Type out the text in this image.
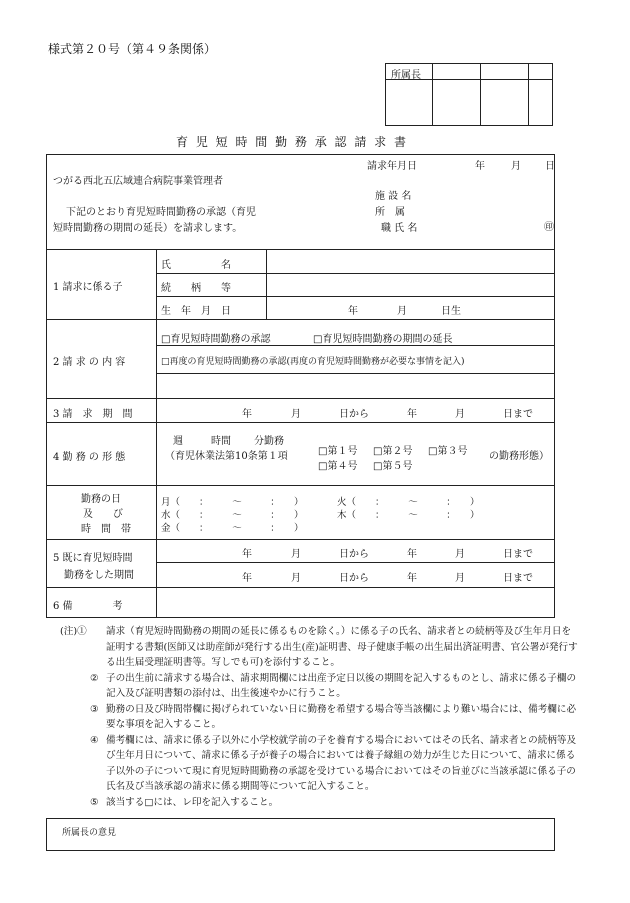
様式第２０号（第４９条関係）
所属長
育 児 短 時 間 勤 務 承 認 請 求 書
請求年月日	年	月 日
つがる西北五広域連合病院事業管理者
施 設 名
所　属
職 氏 名	㊞
下記のとおり育児短時間勤務の承認（育児
短時間勤務の期間の延長）を請求します。
1 請求に係る子
氏　　　　　名
続　　柄　　等
生　年　月　日	年	月	日生
2 請 求 の 内 容
□育児短時間勤務の承認	□育児短時間勤務の期間の延長
□再度の育児短時間勤務の承認(再度の育児短時間勤務が必要な事情を記入)
3 請　求　期　間	年	月	日から	年	月	日まで
4 勤 務 の 形 態
週	時間 分勤務
（育児休業法第10条第１項	□第１号 □第２号 □第３号
□第４号 □第５号
の勤務形態）
勤務の日
及　　び
時　間　帯
月（　　：　　　～　　　：　　）	火（　　：　　　～　　　：　　）
水（　　：　　　～　　　：　　）	木（　　：　　　～　　　：　　）
金（　　：　　　～　　　：　　）
5 既に育児短時間
勤務をした期間
年	月	日から	年	月	日まで
年	月	日から	年	月	日まで
6 備　　　　考
(注)① 請求（育児短時間勤務の期間の延長に係るものを除く。）に係る子の氏名、請求者との続柄等及び生年月日を証明する書類(医師又は助産師が発行する出生(産)証明書、母子健康手帳の出生届出済証明書、官公署が発行する出生届受理証明書等。写しでも可)を添付すること。
② 子の出生前に請求する場合は、請求期間欄には出産予定日以後の期間を記入するものとし、請求に係る子欄の記入及び証明書類の添付は、出生後速やかに行うこと。
③ 勤務の日及び時間帯欄に掲げられていない日に勤務を希望する場合等当該欄により難い場合には、備考欄に必要な事項を記入すること。
④ 備考欄には、請求に係る子以外に小学校就学前の子を養育する場合においてはその氏名、請求者との続柄等及び生年月日について、請求に係る子が養子の場合においては養子縁組の効力が生じた日について、請求に係る子以外の子について現に育児短時間勤務の承認を受けている場合においてはその旨並びに当該承認に係る子の氏名及び当該承認の請求に係る期間等について記入すること。
⑤ 該当する□には、レ印を記入すること。
所属長の意見
